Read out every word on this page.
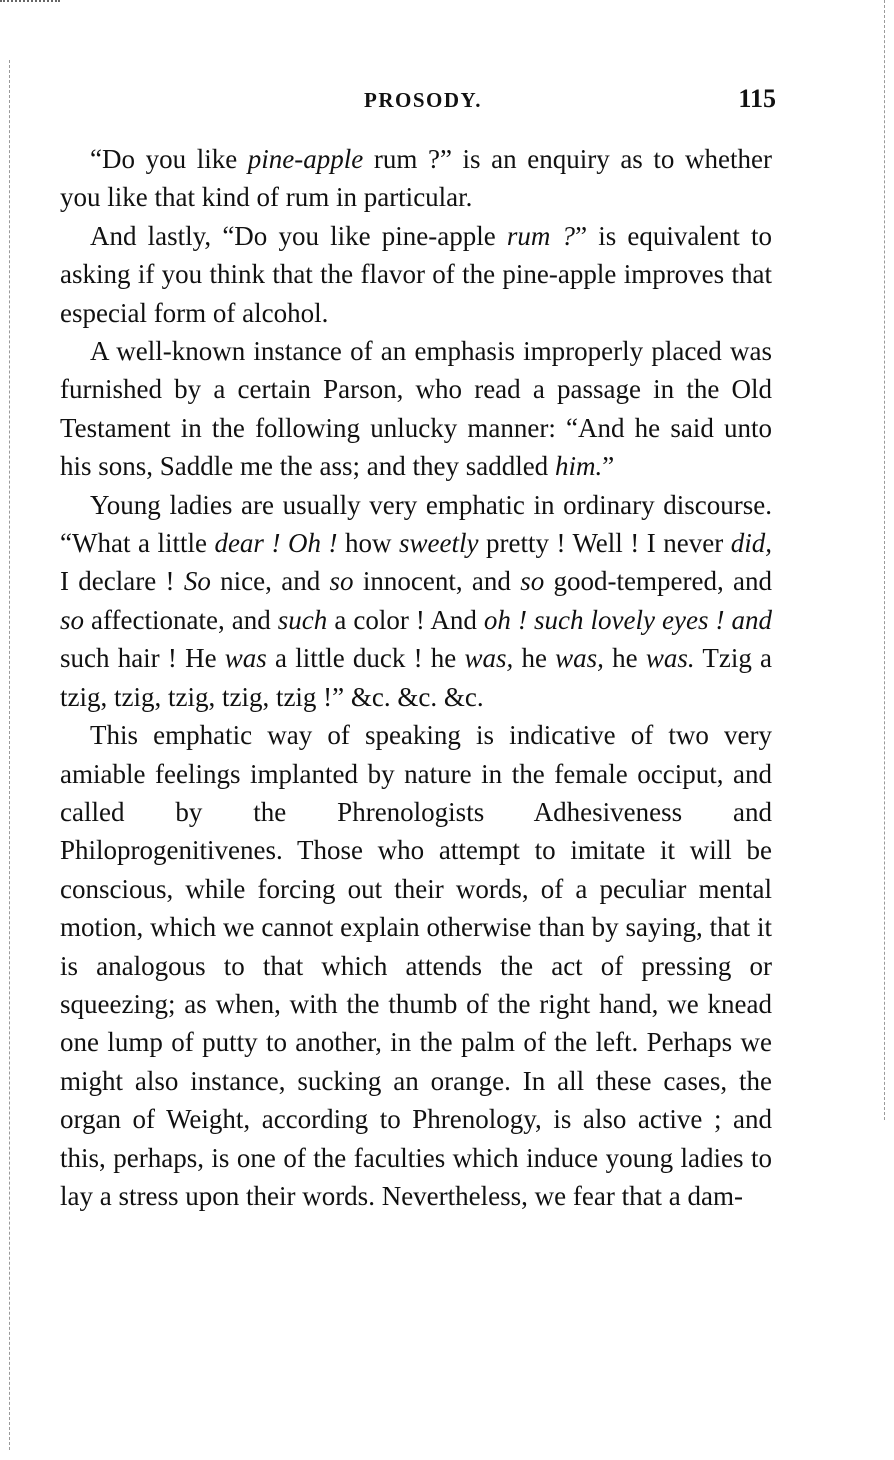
PROSODY.	115

“Do you like pine-apple rum ?” is an enquiry as to whether you like that kind of rum in particular.

And lastly, “Do you like pine-apple rum ?” is equivalent to asking if you think that the flavor of the pine-apple improves that especial form of alcohol.

A well-known instance of an emphasis improperly placed was furnished by a certain Parson, who read a passage in the Old Testament in the following unlucky manner: “And he said unto his sons, Saddle me the ass; and they saddled him.”

Young ladies are usually very emphatic in ordinary discourse. “What a little dear ! Oh ! how sweetly pretty ! Well ! I never did, I declare ! So nice, and so innocent, and so good-tempered, and so affectionate, and such a color ! And oh ! such lovely eyes ! and such hair ! He was a little duck ! he was, he was, he was. Tzig a tzig, tzig, tzig, tzig, tzig !” &c. &c. &c.

This emphatic way of speaking is indicative of two very amiable feelings implanted by nature in the female occiput, and called by the Phrenologists Adhesiveness and Philoprogenitivenes. Those who attempt to imitate it will be conscious, while forcing out their words, of a peculiar mental motion, which we cannot explain otherwise than by saying, that it is analogous to that which attends the act of pressing or squeezing; as when, with the thumb of the right hand, we knead one lump of putty to another, in the palm of the left. Perhaps we might also instance, sucking an orange. In all these cases, the organ of Weight, according to Phrenology, is also active ; and this, perhaps, is one of the faculties which induce young ladies to lay a stress upon their words. Nevertheless, we fear that a dam-
